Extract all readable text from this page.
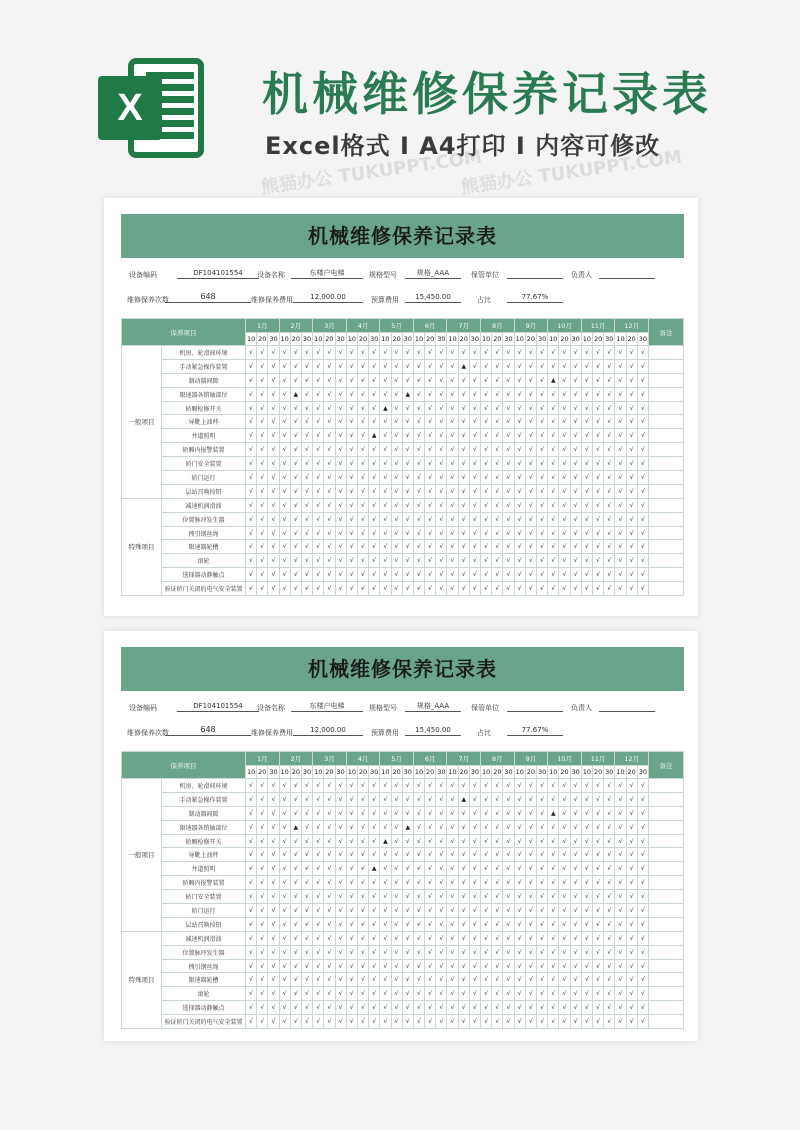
X	机械维修保养记录表
Excel格式 I A4打印 I 内容可修改
熊猫办公 TUKUPPT.COM
熊猫办公 TUKUPPT.COM
机械维修保养记录表
设备编码	DF104101554	设备名称	东楼户电梯	规格型号	规格_AAA	保管单位	负责人
维修保养次数	648	维修保养费用	12,000.00	预算费用	15,450.00	占比	77.67%
保养项目		1月			2月			3月			4月			5月			6月			7月			8月			9月			10月			11月			12月			备注
		10	20	30	10	20	30	10	20	30	10	20	30	10	20	30	10	20	30	10	20	30	10	20	30	10	20	30	10	20	30	10	20	30	10	20	30	
一般项目	机房、轮滑间环境	√	√	√	√	√	√	√	√	√	√	√	√	√	√	√	√	√	√	√	√	√	√	√	√	√	√	√	√	√	√	√	√	√	√	√	√	
	手动紧急操作装置	√	√	√	√	√	√	√	√	√	√	√	√	√	√	√	√	√	√	√	▲	√	√	√	√	√	√	√	√	√	√	√	√	√	√	√	√	
	制动器间隙	√	√	√	√	√	√	√	√	√	√	√	√	√	√	√	√	√	√	√	√	√	√	√	√	√	√	√	▲	√	√	√	√	√	√	√	√	
	限速器各销轴部位	√	√	√	√	▲	√	√	√	√	√	√	√	√	√	▲	√	√	√	√	√	√	√	√	√	√	√	√	√	√	√	√	√	√	√	√	√	
	轿厢检修开关	√	√	√	√	√	√	√	√	√	√	√	√	▲	√	√	√	√	√	√	√	√	√	√	√	√	√	√	√	√	√	√	√	√	√	√	√	
	导靴上油杯	√	√	√	√	√	√	√	√	√	√	√	√	√	√	√	√	√	√	√	√	√	√	√	√	√	√	√	√	√	√	√	√	√	√	√	√	
	井道照明	√	√	√	√	√	√	√	√	√	√	√	▲	√	√	√	√	√	√	√	√	√	√	√	√	√	√	√	√	√	√	√	√	√	√	√	√	
	轿厢内报警装置	√	√	√	√	√	√	√	√	√	√	√	√	√	√	√	√	√	√	√	√	√	√	√	√	√	√	√	√	√	√	√	√	√	√	√	√	
	轿门安全装置	√	√	√	√	√	√	√	√	√	√	√	√	√	√	√	√	√	√	√	√	√	√	√	√	√	√	√	√	√	√	√	√	√	√	√	√	
	轿门运行	√	√	√	√	√	√	√	√	√	√	√	√	√	√	√	√	√	√	√	√	√	√	√	√	√	√	√	√	√	√	√	√	√	√	√	√	
	层站召唤按钮	√	√	√	√	√	√	√	√	√	√	√	√	√	√	√	√	√	√	√	√	√	√	√	√	√	√	√	√	√	√	√	√	√	√	√	√	
特殊项目	减速机润滑油	√	√	√	√	√	√	√	√	√	√	√	√	√	√	√	√	√	√	√	√	√	√	√	√	√	√	√	√	√	√	√	√	√	√	√	√	
	位置脉冲发生器	√	√	√	√	√	√	√	√	√	√	√	√	√	√	√	√	√	√	√	√	√	√	√	√	√	√	√	√	√	√	√	√	√	√	√	√	
	拽引钢丝绳	√	√	√	√	√	√	√	√	√	√	√	√	√	√	√	√	√	√	√	√	√	√	√	√	√	√	√	√	√	√	√	√	√	√	√	√	
	限速器轮槽	√	√	√	√	√	√	√	√	√	√	√	√	√	√	√	√	√	√	√	√	√	√	√	√	√	√	√	√	√	√	√	√	√	√	√	√	
	滚轮	√	√	√	√	√	√	√	√	√	√	√	√	√	√	√	√	√	√	√	√	√	√	√	√	√	√	√	√	√	√	√	√	√	√	√	√	
	选择器动静触点	√	√	√	√	√	√	√	√	√	√	√	√	√	√	√	√	√	√	√	√	√	√	√	√	√	√	√	√	√	√	√	√	√	√	√	√	
	验证轿门关闭的电气安全装置	√	√	√	√	√	√	√	√	√	√	√	√	√	√	√	√	√	√	√	√	√	√	√	√	√	√	√	√	√	√	√	√	√	√	√	√	
机械维修保养记录表
设备编码	DF104101554	设备名称	东楼户电梯	规格型号	规格_AAA	保管单位	负责人
维修保养次数	648	维修保养费用	12,000.00	预算费用	15,450.00	占比	77.67%
保养项目		1月			2月			3月			4月			5月			6月			7月			8月			9月			10月			11月			12月			备注
		10	20	30	10	20	30	10	20	30	10	20	30	10	20	30	10	20	30	10	20	30	10	20	30	10	20	30	10	20	30	10	20	30	10	20	30	
一般项目	机房、轮滑间环境	√	√	√	√	√	√	√	√	√	√	√	√	√	√	√	√	√	√	√	√	√	√	√	√	√	√	√	√	√	√	√	√	√	√	√	√	
	手动紧急操作装置	√	√	√	√	√	√	√	√	√	√	√	√	√	√	√	√	√	√	√	▲	√	√	√	√	√	√	√	√	√	√	√	√	√	√	√	√	
	制动器间隙	√	√	√	√	√	√	√	√	√	√	√	√	√	√	√	√	√	√	√	√	√	√	√	√	√	√	√	▲	√	√	√	√	√	√	√	√	
	限速器各销轴部位	√	√	√	√	▲	√	√	√	√	√	√	√	√	√	▲	√	√	√	√	√	√	√	√	√	√	√	√	√	√	√	√	√	√	√	√	√	
	轿厢检修开关	√	√	√	√	√	√	√	√	√	√	√	√	▲	√	√	√	√	√	√	√	√	√	√	√	√	√	√	√	√	√	√	√	√	√	√	√	
	导靴上油杯	√	√	√	√	√	√	√	√	√	√	√	√	√	√	√	√	√	√	√	√	√	√	√	√	√	√	√	√	√	√	√	√	√	√	√	√	
	井道照明	√	√	√	√	√	√	√	√	√	√	√	▲	√	√	√	√	√	√	√	√	√	√	√	√	√	√	√	√	√	√	√	√	√	√	√	√	
	轿厢内报警装置	√	√	√	√	√	√	√	√	√	√	√	√	√	√	√	√	√	√	√	√	√	√	√	√	√	√	√	√	√	√	√	√	√	√	√	√	
	轿门安全装置	√	√	√	√	√	√	√	√	√	√	√	√	√	√	√	√	√	√	√	√	√	√	√	√	√	√	√	√	√	√	√	√	√	√	√	√	
	轿门运行	√	√	√	√	√	√	√	√	√	√	√	√	√	√	√	√	√	√	√	√	√	√	√	√	√	√	√	√	√	√	√	√	√	√	√	√	
	层站召唤按钮	√	√	√	√	√	√	√	√	√	√	√	√	√	√	√	√	√	√	√	√	√	√	√	√	√	√	√	√	√	√	√	√	√	√	√	√	
特殊项目	减速机润滑油	√	√	√	√	√	√	√	√	√	√	√	√	√	√	√	√	√	√	√	√	√	√	√	√	√	√	√	√	√	√	√	√	√	√	√	√	
	位置脉冲发生器	√	√	√	√	√	√	√	√	√	√	√	√	√	√	√	√	√	√	√	√	√	√	√	√	√	√	√	√	√	√	√	√	√	√	√	√	
	拽引钢丝绳	√	√	√	√	√	√	√	√	√	√	√	√	√	√	√	√	√	√	√	√	√	√	√	√	√	√	√	√	√	√	√	√	√	√	√	√	
	限速器轮槽	√	√	√	√	√	√	√	√	√	√	√	√	√	√	√	√	√	√	√	√	√	√	√	√	√	√	√	√	√	√	√	√	√	√	√	√	
	滚轮	√	√	√	√	√	√	√	√	√	√	√	√	√	√	√	√	√	√	√	√	√	√	√	√	√	√	√	√	√	√	√	√	√	√	√	√	
	选择器动静触点	√	√	√	√	√	√	√	√	√	√	√	√	√	√	√	√	√	√	√	√	√	√	√	√	√	√	√	√	√	√	√	√	√	√	√	√	
	验证轿门关闭的电气安全装置	√	√	√	√	√	√	√	√	√	√	√	√	√	√	√	√	√	√	√	√	√	√	√	√	√	√	√	√	√	√	√	√	√	√	√	√	
